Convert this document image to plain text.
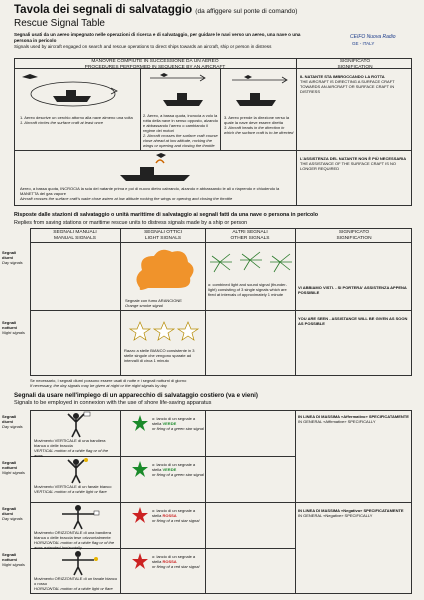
Tavola dei segnali di salvataggio (da affiggere sul ponte di comando)
Rescue Signal Table
Segnali usati da un aereo impegnato nelle operazioni di ricerca e di salvataggio, per guidare le navi verso un aereo, una nave o una persona in pericolo
Signals used by aircraft engaged on search and rescue operations to direct ships towards an aircraft, ship or person in distress
CEIFO Nuova Radio
GE - ITALY
MANOVRE COMPIUTE IN SUCCESSIONE DA UN AEREO
PROCEDURES PERFORMED IN SEQUENCE BY AN AIRCRAFT
SIGNIFICATO
SIGNIFICATION
1. Aereo descrive un cerchio attorno alla nave almeno una volta
1. Aircraft circles the surface craft at least once
2. Aereo, a bassa quota, incrocia a volo la rotta della nave in senso opposto, alzando e abbassando l'aereo o cambiando il regime dei motori
2. Aircraft crosses the surface craft course close ahead at low altitude, rocking the wings or opening and closing the throttle
3. Aereo prende la direzione verso la quale la nave deve essere diretta
3. Aircraft heads in the direction in which the surface craft is to be directed
IL NATANTE STA IMBROCCANDO LA ROTTA
THE AIRCRAFT IS DIRECTING A SURFACE CRAFT TOWARDS AN AIRCRAFT OR SURFACE CRAFT IN DISTRESS
Aereo, a bassa quota, INCROCIA la scia del natante prima e poi di nuovo dietro cabrando, alzando e abbassando le ali o riaprendo e chiudendo la MANETTA del gas vapore
Aircraft crosses the surface craft's wake close astern at low altitude rocking the wings or opening and closing the throttle
L'ASSISTENZA DEL NATANTE NON È PIÙ NECESSARIA
THE ASSISTANCE OF THE SURFACE CRAFT IS NO LONGER REQUIRED
Risposte dalle stazioni di salvataggio o unità marittime di salvataggio ai segnali fatti da una nave o persona in pericolo
Replies from saving stations or maritime rescue units to distress signals made by a ship or person
SEGNALI MANUALI
MANUAL SIGNALS
SEGNALI OTTICI
LIGHT SIGNALS
ALTRI SEGNALI
OTHER SIGNALS
SIGNIFICATO
SIGNIFICATION
Segnali diurni
Day signals
Segnali notturni
Night signals
Segnale con fumo ARANCIONE
Orange smoke signal
o: combined light and sound signal (thunder-light) consisting of 3 single signals which are fired at intervals of approximately 1 minute
VI ABBIAMO VISTI. - SI PORTERA' ASSISTENZA APPENA POSSIBILE
YOU ARE SEEN - ASSISTANCE WILL BE GIVEN AS SOON AS POSSIBLE
Razzo a stelle BIANCO consistente in 3 stelle singole che vengono sparate ad intervalli di circa 1 minuto
Se necessario, i segnali diurni possono essere usati di notte e i segnali notturni di giorno
If necessary, the day signals may be given at night or the night signals by day
Segnali da usare nell'impiego di un apparecchio di salvataggio costiero (va e vieni)
Signals to be employed in connexion with the use of shore life-saving apparatus
Segnali diurni
Day signals
Movimento VERTICALE di una bandiera bianca o delle braccia
VERTICAL motion of a white flag or of the arms
o: lancio di un segnale a stella VERDE
or firing of a green star signal
Segnali notturni
Night signals
Movimento VERTICALE di un fanale bianco
VERTICAL motion of a white light or flare
o: lancio di un segnale a stella VERDE
or firing of a green star signal
Segnali diurni
Day signals
Movimento ORIZZONTALE di una bandiera bianca o delle braccia tese orizzontalmente
HORIZONTAL motion of a white flag or of the arms extended horizontally
o: lancio di un segnale a stella ROSSA
or firing of a red star signal
Segnali notturni
Night signals
Movimento ORIZZONTALE di un fanale bianco o rosso
HORIZONTAL motion of a white light or flare
o: lancio di un segnale a stella ROSSA
or firing of a red star signal
IN LINEA DI MASSIMA «Affermativo» SPECIFICATAMENTE
IN GENERAL «Affirmative» SPECIFICALLY
IN LINEA DI MASSIMA «Negativo» SPECIFICATAMENTE
IN GENERAL «Negative» SPECIFICALLY
